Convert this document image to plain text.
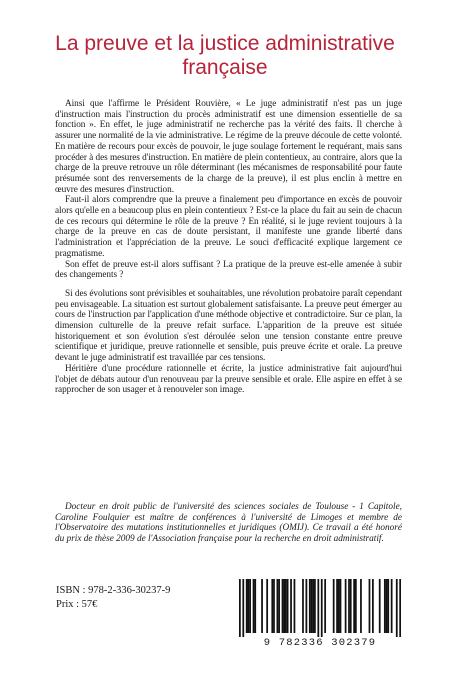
La preuve et la justice administrative
française

Ainsi que l'affirme le Président Rouvière, « Le juge administratif n'est pas un juge d'instruction mais l'instruction du procès administratif est une dimension essentielle de sa fonction ». En effet, le juge administratif ne recherche pas la vérité des faits. Il cherche à assurer une normalité de la vie administrative. Le régime de la preuve découle de cette volonté. En matière de recours pour excès de pouvoir, le juge soulage fortement le requérant, mais sans procéder à des mesures d'instruction. En matière de plein contentieux, au contraire, alors que la charge de la preuve retrouve un rôle déterminant (les mécanismes de responsabilité pour faute présumée sont des renversements de la charge de la preuve), il est plus enclin à mettre en œuvre des mesures d'instruction.

Faut-il alors comprendre que la preuve a finalement peu d'importance en excès de pouvoir alors qu'elle en a beaucoup plus en plein contentieux ? Est-ce la place du fait au sein de chacun de ces recours qui détermine le rôle de la preuve ? En réalité, si le juge revient toujours à la charge de la preuve en cas de doute persistant, il manifeste une grande liberté dans l'administration et l'appréciation de la preuve. Le souci d'efficacité explique largement ce pragmatisme.

Son effet de preuve est-il alors suffisant ? La pratique de la preuve est-elle amenée à subir des changements ?

Si des évolutions sont prévisibles et souhaitables, une révolution probatoire paraît cependant peu envisageable. La situation est surtout globalement satisfaisante. La preuve peut émerger au cours de l'instruction par l'application d'une méthode objective et contradictoire. Sur ce plan, la dimension culturelle de la preuve refait surface. L'apparition de la preuve est située historiquement et son évolution s'est déroulée selon une tension constante entre preuve scientifique et juridique, preuve rationnelle et sensible, puis preuve écrite et orale. La preuve devant le juge administratif est travaillée par ces tensions.

Héritière d'une procédure rationnelle et écrite, la justice administrative fait aujourd'hui l'objet de débats autour d'un renouveau par la preuve sensible et orale. Elle aspire en effet à se rapprocher de son usager et à renouveler son image.

Docteur en droit public de l'université des sciences sociales de Toulouse - 1 Capitole, Caroline Foulquier est maître de conférences à l'université de Limoges et membre de l'Observatoire des mutations institutionnelles et juridiques (OMIJ). Ce travail a été honoré du prix de thèse 2009 de l'Association française pour la recherche en droit administratif.
ISBN : 978-2-336-30237-9
Prix : 57€
9 782336 302379
